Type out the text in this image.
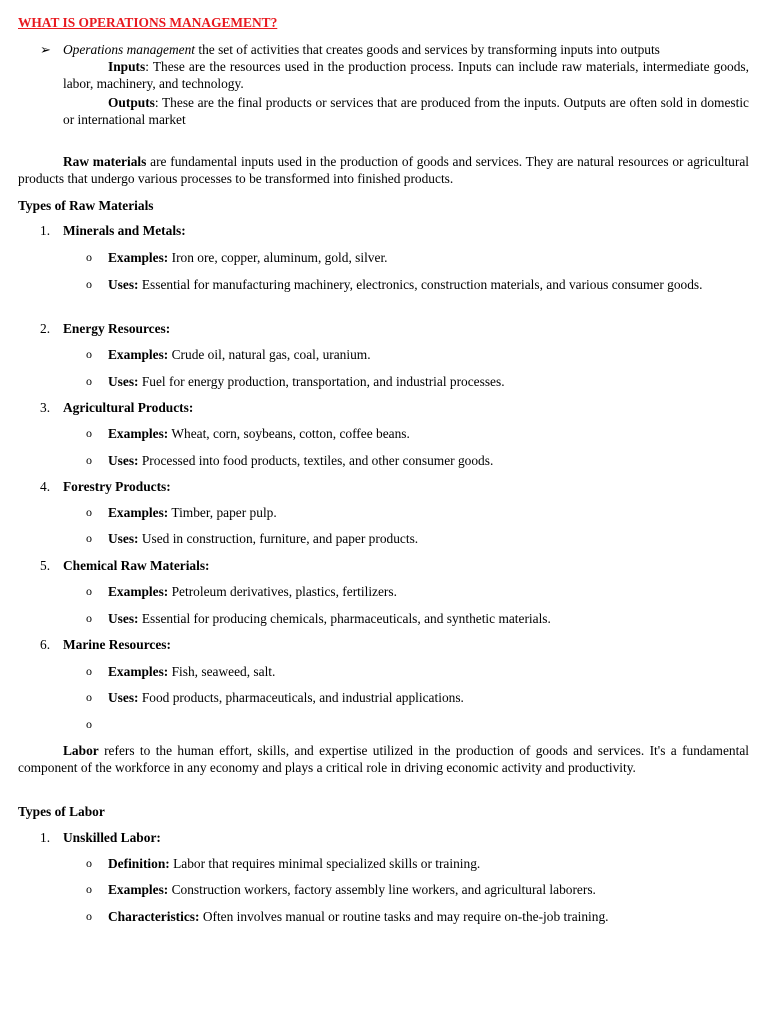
WHAT IS OPERATIONS MANAGEMENT?
➢ Operations management the set of activities that creates goods and services by transforming inputs into outputs
Inputs: These are the resources used in the production process. Inputs can include raw materials, intermediate goods, labor, machinery, and technology.
Outputs: These are the final products or services that are produced from the inputs. Outputs are often sold in domestic or international market
Raw materials are fundamental inputs used in the production of goods and services. They are natural resources or agricultural products that undergo various processes to be transformed into finished products.
Types of Raw Materials
1. Minerals and Metals:
o Examples: Iron ore, copper, aluminum, gold, silver.
o Uses: Essential for manufacturing machinery, electronics, construction materials, and various consumer goods.
2. Energy Resources:
o Examples: Crude oil, natural gas, coal, uranium.
o Uses: Fuel for energy production, transportation, and industrial processes.
3. Agricultural Products:
o Examples: Wheat, corn, soybeans, cotton, coffee beans.
o Uses: Processed into food products, textiles, and other consumer goods.
4. Forestry Products:
o Examples: Timber, paper pulp.
o Uses: Used in construction, furniture, and paper products.
5. Chemical Raw Materials:
o Examples: Petroleum derivatives, plastics, fertilizers.
o Uses: Essential for producing chemicals, pharmaceuticals, and synthetic materials.
6. Marine Resources:
o Examples: Fish, seaweed, salt.
o Uses: Food products, pharmaceuticals, and industrial applications.
o
Labor refers to the human effort, skills, and expertise utilized in the production of goods and services. It's a fundamental component of the workforce in any economy and plays a critical role in driving economic activity and productivity.
Types of Labor
1. Unskilled Labor:
o Definition: Labor that requires minimal specialized skills or training.
o Examples: Construction workers, factory assembly line workers, and agricultural laborers.
o Characteristics: Often involves manual or routine tasks and may require on-the-job training.
